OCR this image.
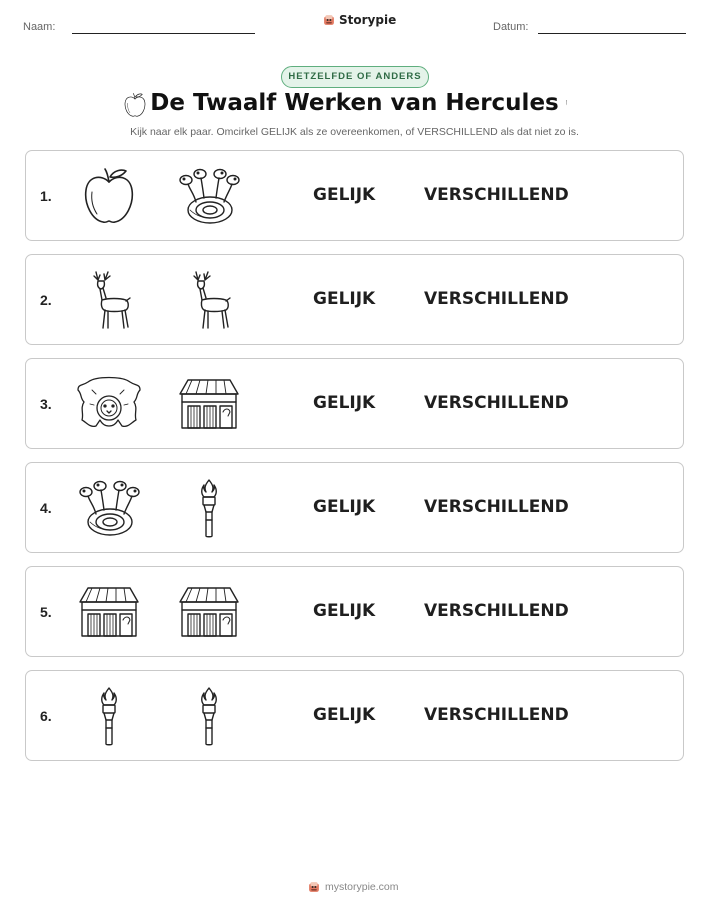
Naam:	Storypie	Datum:
HETZELFDE OF ANDERS
De Twaalf Werken van Hercules
Kijk naar elk paar. Omcirkel GELIJK als ze overeenkomen, of VERSCHILLEND als dat niet zo is.
1.	GELIJK	VERSCHILLEND
2.	GELIJK	VERSCHILLEND
3.	GELIJK	VERSCHILLEND
4.	GELIJK	VERSCHILLEND
5.	GELIJK	VERSCHILLEND
6.	GELIJK	VERSCHILLEND
mystorypie.com
